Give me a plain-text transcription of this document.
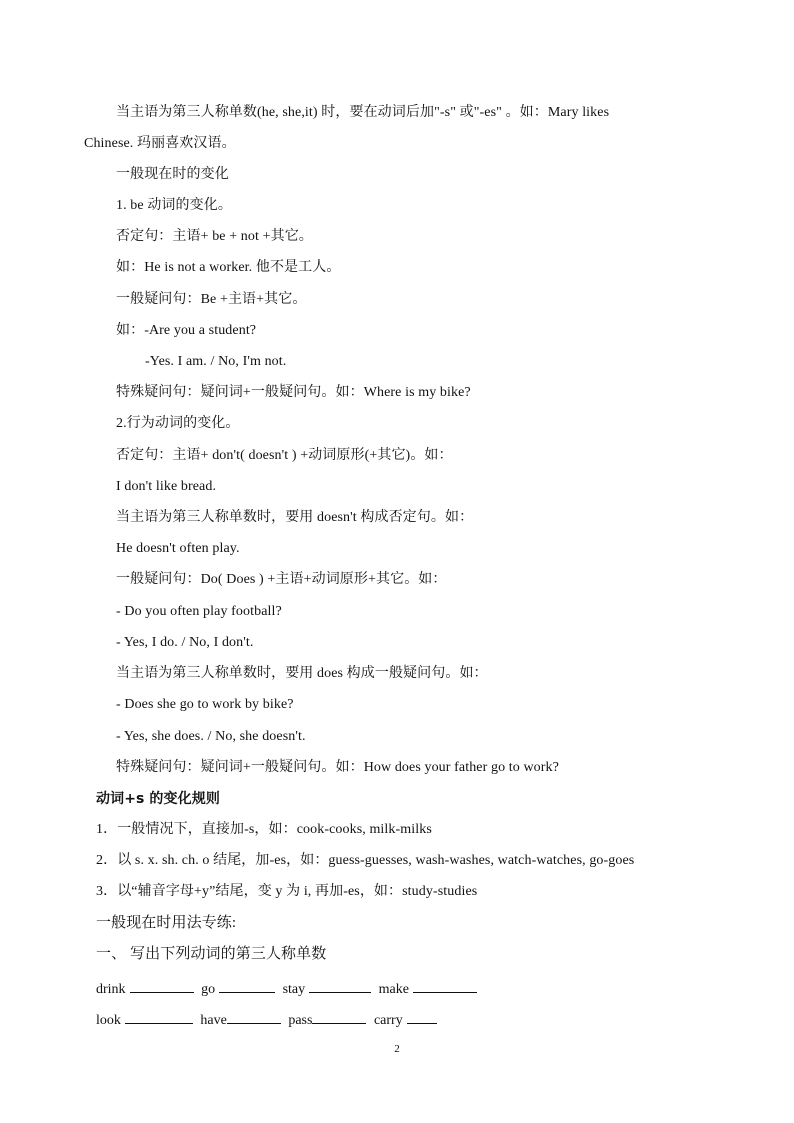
当主语为第三人称单数(he, she,it) 时，要在动词后加"-s" 或"-es" 。如：Mary likes
Chinese. 玛丽喜欢汉语。
一般现在时的变化
1. be 动词的变化。
否定句：主语+ be + not +其它。
如：He is not a worker. 他不是工人。
一般疑问句：Be +主语+其它。
如：-Are you a student?
-Yes. I am. / No, I'm not.
特殊疑问句：疑问词+一般疑问句。如：Where is my bike?
2.行为动词的变化。
否定句：主语+ don't( doesn't ) +动词原形(+其它)。如：
I don't like bread.
当主语为第三人称单数时，要用 doesn't 构成否定句。如：
He doesn't often play.
一般疑问句：Do( Does ) +主语+动词原形+其它。如：
- Do you often play football?
- Yes, I do. / No, I don't.
当主语为第三人称单数时，要用 does 构成一般疑问句。如：
- Does she go to work by bike?
- Yes, she does. / No, she doesn't.
特殊疑问句：疑问词+一般疑问句。如：How does your father go to work?
动词+s 的变化规则
1．一般情况下，直接加-s，如：cook-cooks, milk-milks
2．以 s. x. sh. ch. o 结尾，加-es，如：guess-guesses, wash-washes, watch-watches, go-goes
3．以“辅音字母+y”结尾，变 y 为 i, 再加-es，如：study-studies
一般现在时用法专练:
一、 写出下列动词的第三人称单数
drink	go	stay	make
look	have	pass	carry
2
